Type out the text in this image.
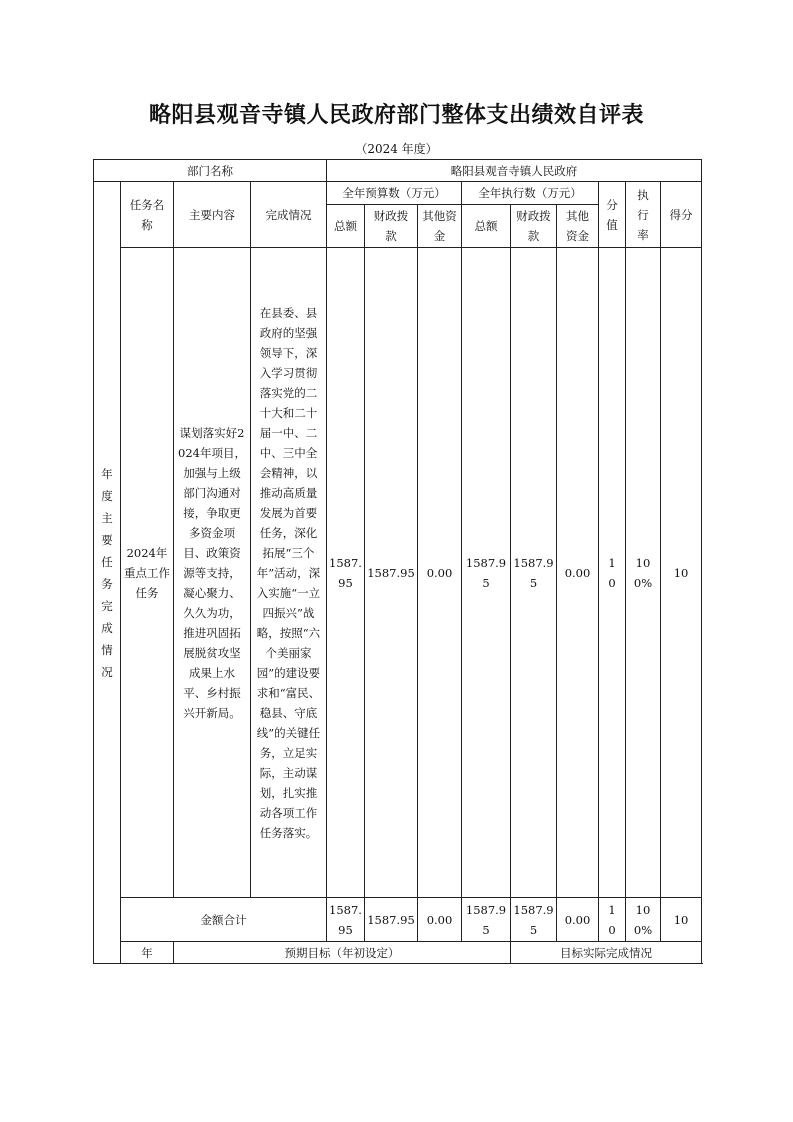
略阳县观音寺镇人民政府部门整体支出绩效自评表
（2024 年度）
部门名称				略阳县观音寺镇人民政府								

年度主要任务完成情况	任务名称	主要内容	完成情况	全年预算数（万元）			全年执行数（万元）			分值	执行率	得分
				总额	财政拨款	其他资金	总额	财政拨款	其他资金			
	2024年重点工作任务	谋划落实好2024年项目，加强与上级部门沟通对接，争取更多资金项目、政策资源等支持，凝心聚力、久久为功，推进巩固拓展脱贫攻坚成果上水平、乡村振兴开新局。	在县委、县政府的坚强领导下，深入学习贯彻落实党的二十大和二十届一中、二中、三中全会精神，以推动高质量发展为首要任务，深化拓展“三个年”活动，深入实施“一立四振兴”战略，按照“六个美丽家园”的建设要求和“富民、稳县、守底线”的关键任务，立足实际，主动谋划，扎实推动各项工作任务落实。	1587.95	1587.95	0.00	1587.95	1587.95	0.00	10	100%	10
	金额合计			1587.95	1587.95	0.00	1587.95	1587.95	0.00	10	100%	10
	年	预期目标（年初设定）						目标实际完成情况				
